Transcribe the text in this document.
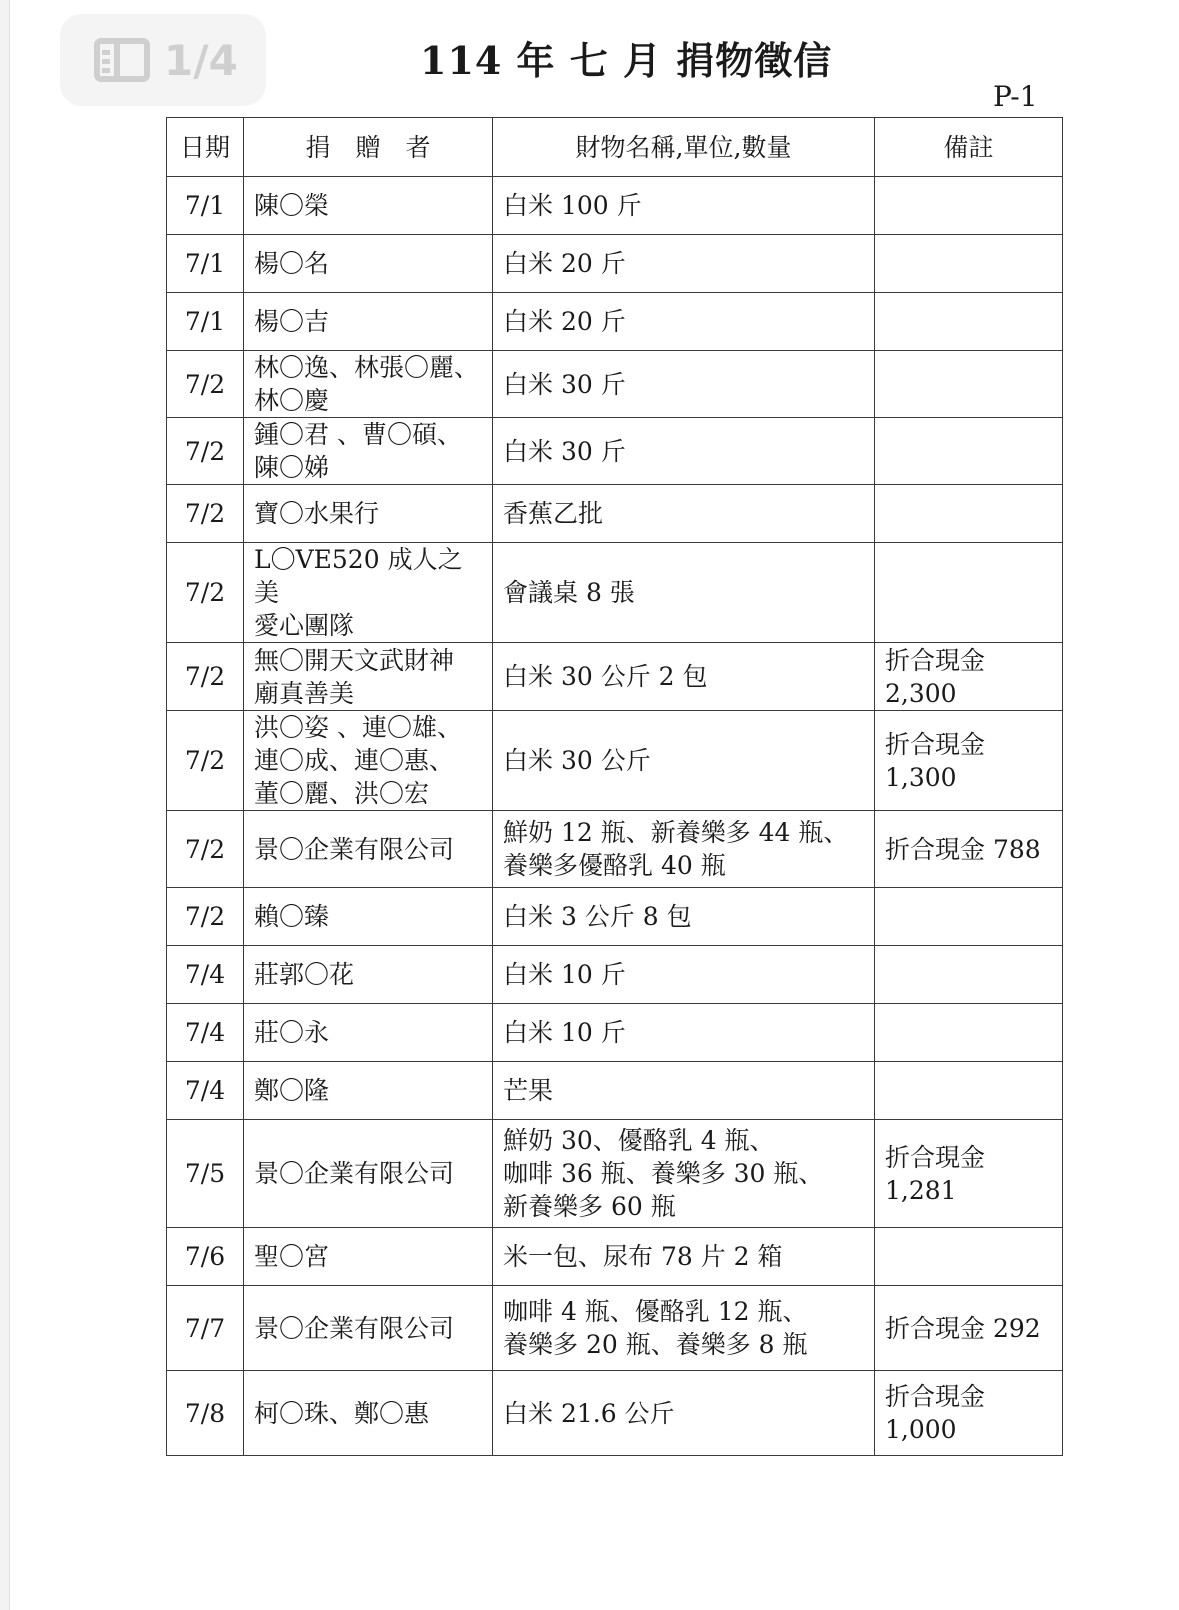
1/4	114 年 七 月 捐物徵信
P-1
日期	捐　贈　者	財物名稱,單位,數量	備註
7/1	陳〇榮	白米 100 斤	

7/1	楊〇名	白米 20 斤	

7/1	楊〇吉	白米 20 斤	

7/2	林〇逸、林張〇麗、
林〇慶	白米 30 斤	

7/2	鍾〇君 、曹〇碩、
陳〇娣	白米 30 斤	

7/2	寶〇水果行	香蕉乙批	

7/2	L〇VE520 成人之美
愛心團隊	會議桌 8 張	

7/2	無〇開天文武財神
廟真善美	白米 30 公斤 2 包	折合現金 2,300
7/2	洪〇姿 、連〇雄、
連〇成、連〇惠、
董〇麗、洪〇宏	白米 30 公斤	折合現金 1,300
7/2	景〇企業有限公司	鮮奶 12 瓶、新養樂多 44 瓶、
養樂多優酪乳 40 瓶	折合現金 788
7/2	賴〇臻	白米 3 公斤 8 包	

7/4	莊郭〇花	白米 10 斤	

7/4	莊〇永	白米 10 斤	

7/4	鄭〇隆	芒果	

7/5	景〇企業有限公司	鮮奶 30、優酪乳 4 瓶、
咖啡 36 瓶、養樂多 30 瓶、
新養樂多 60 瓶	折合現金 1,281
7/6	聖〇宮	米一包、尿布 78 片 2 箱	

7/7	景〇企業有限公司	咖啡 4 瓶、優酪乳 12 瓶、
養樂多 20 瓶、養樂多 8 瓶	折合現金 292
7/8	柯〇珠、鄭〇惠	白米 21.6 公斤	折合現金 1,000
